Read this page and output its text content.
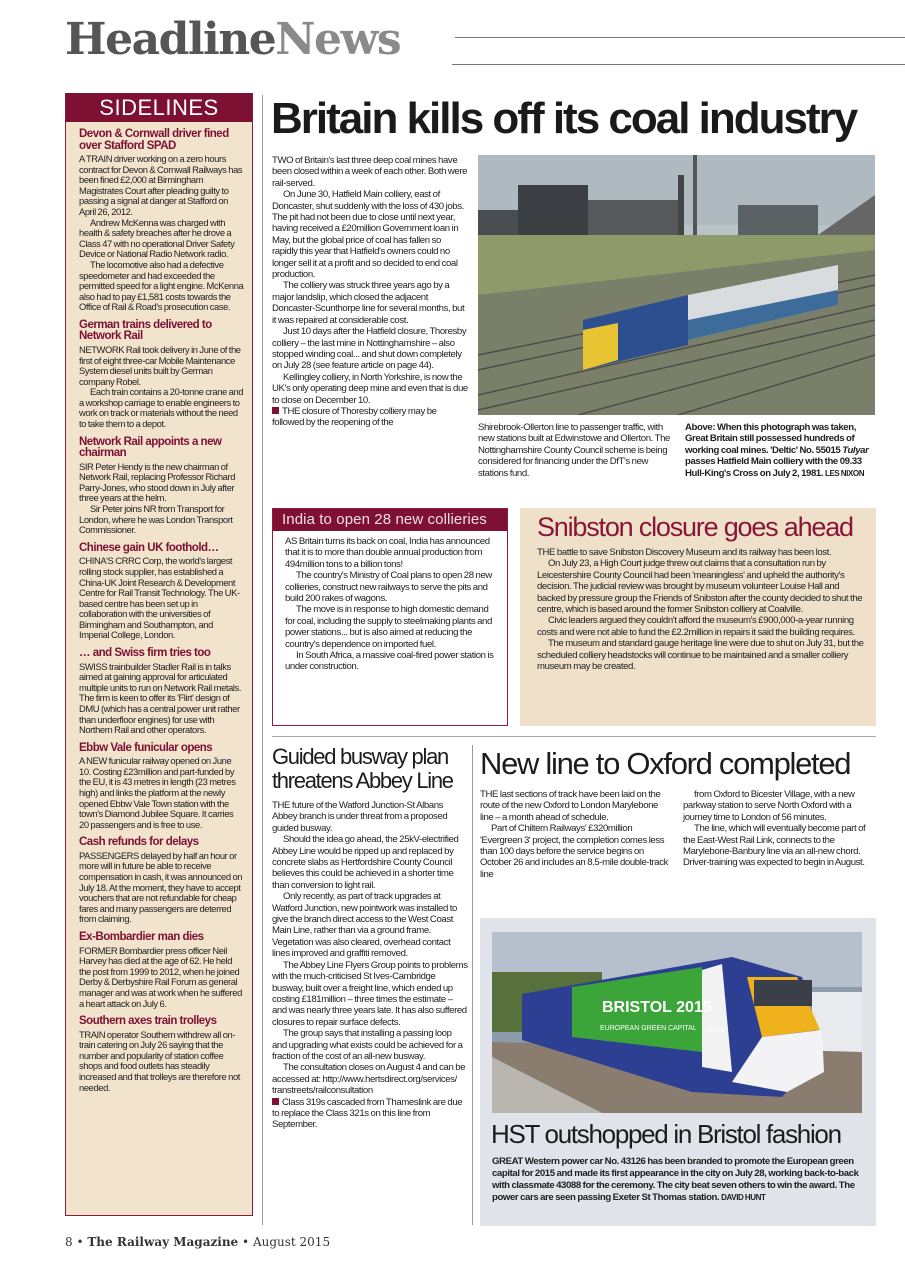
HeadlineNews
SIDELINES
Devon & Cornwall driver fined over Stafford SPAD

A TRAIN driver working on a zero hours contract for Devon & Cornwall Railways has been fined £2,000 at Birmingham Magistrates Court after pleading guilty to passing a signal at danger at Stafford on April 26, 2012.

Andrew McKenna was charged with health & safety breaches after he drove a Class 47 with no operational Driver Safety Device or National Radio Network radio.

The locomotive also had a defective speedometer and had exceeded the permitted speed for a light engine. McKenna also had to pay £1,581 costs towards the Office of Rail & Road's prosecution case.

German trains delivered to Network Rail

NETWORK Rail took delivery in June of the first of eight three-car Mobile Maintenance System diesel units built by German company Robel.

Each train contains a 20-tonne crane and a workshop carriage to enable engineers to work on track or materials without the need to take them to a depot.

Network Rail appoints a new chairman

SIR Peter Hendy is the new chairman of Network Rail, replacing Professor Richard Parry-Jones, who stood down in July after three years at the helm.

Sir Peter joins NR from Transport for London, where he was London Transport Commissioner.

Chinese gain UK foothold…

CHINA'S CRRC Corp, the world's largest rolling stock supplier, has established a China-UK Joint Research & Development Centre for Rail Transit Technology. The UK-based centre has been set up in collaboration with the universities of Birmingham and Southampton, and Imperial College, London.

… and Swiss firm tries too

SWISS trainbuilder Stadler Rail is in talks aimed at gaining approval for articulated multiple units to run on Network Rail metals. The firm is keen to offer its 'Flirt' design of DMU (which has a central power unit rather than underfloor engines) for use with Northern Rail and other operators.

Ebbw Vale funicular opens

A NEW funicular railway opened on June 10. Costing £23million and part-funded by the EU, it is 43 metres in length (23 metres high) and links the platform at the newly opened Ebbw Vale Town station with the town's Diamond Jubilee Square. It carries 20 passengers and is free to use.

Cash refunds for delays

PASSENGERS delayed by half an hour or more will in future be able to receive compensation in cash, it was announced on July 18. At the moment, they have to accept vouchers that are not refundable for cheap fares and many passengers are deterred from claiming.

Ex-Bombardier man dies

FORMER Bombardier press officer Neil Harvey has died at the age of 62. He held the post from 1999 to 2012, when he joined Derby & Derbyshire Rail Forum as general manager and was at work when he suffered a heart attack on July 6.

Southern axes train trolleys

TRAIN operator Southern withdrew all on-train catering on July 26 saying that the number and popularity of station coffee shops and food outlets has steadily increased and that trolleys are therefore not needed.

Britain kills off its coal industry

TWO of Britain's last three deep coal mines have been closed within a week of each other. Both were rail-served.

On June 30, Hatfield Main colliery, east of Doncaster, shut suddenly with the loss of 430 jobs. The pit had not been due to close until next year, having received a £20million Government loan in May, but the global price of coal has fallen so rapidly this year that Hatfield's owners could no longer sell it at a profit and so decided to end coal production.

The colliery was struck three years ago by a major landslip, which closed the adjacent Doncaster-Scunthorpe line for several months, but it was repaired at considerable cost.

Just 10 days after the Hatfield closure, Thoresby colliery – the last mine in Nottinghamshire – also stopped winding coal... and shut down completely on July 28 (see feature article on page 44).

Kellingley colliery, in North Yorkshire, is now the UK's only operating deep mine and even that is due to close on December 10.

THE closure of Thoresby colliery may be followed by the reopening of the	Shirebrook-Ollerton line to passenger traffic, with new stations built at Edwinstowe and Ollerton. The Nottinghamshire County Council scheme is being considered for financing under the DfT's new stations fund.

Above: When this photograph was taken, Great Britain still possessed hundreds of working coal mines. 'Deltic' No. 55015 Tulyar passes Hatfield Main colliery with the 09.33 Hull-King's Cross on July 2, 1981. LES NIXON

India to open 28 new collieries

AS Britain turns its back on coal, India has announced that it is to more than double annual production from 494million tons to a billion tons!

The country's Ministry of Coal plans to open 28 new collieries, construct new railways to serve the pits and build 200 rakes of wagons.

The move is in response to high domestic demand for coal, including the supply to steelmaking plants and power stations... but is also aimed at reducing the country's dependence on imported fuel.

In South Africa, a massive coal-fired power station is under construction.

Snibston closure goes ahead

THE battle to save Snibston Discovery Museum and its railway has been lost.

On July 23, a High Court judge threw out claims that a consultation run by Leicestershire County Council had been 'meaningless' and upheld the authority's decision. The judicial review was brought by museum volunteer Louise Hall and backed by pressure group the Friends of Snibston after the county decided to shut the centre, which is based around the former Snibston colliery at Coalville.

Civic leaders argued they couldn't afford the museum's £900,000-a-year running costs and were not able to fund the £2.2million in repairs it said the building requires.

The museum and standard gauge heritage line were due to shut on July 31, but the scheduled colliery headstocks will continue to be maintained and a smaller colliery museum may be created.

Guided busway plan
threatens Abbey Line

THE future of the Watford Junction-St Albans Abbey branch is under threat from a proposed guided busway.

Should the idea go ahead, the 25kV-electrified Abbey Line would be ripped up and replaced by concrete slabs as Hertfordshire County Council believes this could be achieved in a shorter time than conversion to light rail.

Only recently, as part of track upgrades at Watford Junction, new pointwork was installed to give the branch direct access to the West Coast Main Line, rather than via a ground frame. Vegetation was also cleared, overhead contact lines improved and graffiti removed.

The Abbey Line Flyers Group points to problems with the much-criticised St Ives-Cambridge busway, built over a freight line, which ended up costing £181million – three times the estimate – and was nearly three years late. It has also suffered closures to repair surface defects.

The group says that installing a passing loop and upgrading what exists could be achieved for a fraction of the cost of an all-new busway.

The consultation closes on August 4 and can be accessed at: http://www.hertsdirect.org/services/ transtreets/railconsultation

Class 319s cascaded from Thameslink are due to replace the Class 321s on this line from September.

New line to Oxford completed

THE last sections of track have been laid on the route of the new Oxford to London Marylebone line – a month ahead of schedule.

Part of Chiltern Railways' £320million 'Evergreen 3' project, the completion comes less than 100 days before the service begins on October 26 and includes an 8.5-mile double-track line

from Oxford to Bicester Village, with a new parkway station to serve North Oxford with a journey time to London of 56 minutes.

The line, which will eventually become part of the East-West Rail Link, connects to the Marylebone-Banbury line via an all-new chord. Driver-training was expected to begin in August.

BRISTOL 2015
EUROPEAN GREEN CAPITAL 43126
HST outshopped in Bristol fashion

GREAT Western power car No. 43126 has been branded to promote the European green capital for 2015 and made its first appearance in the city on July 28, working back-to-back with classmate 43088 for the ceremony. The city beat seven others to win the award. The power cars are seen passing Exeter St Thomas station. DAVID HUNT

8 • The Railway Magazine • August 2015
